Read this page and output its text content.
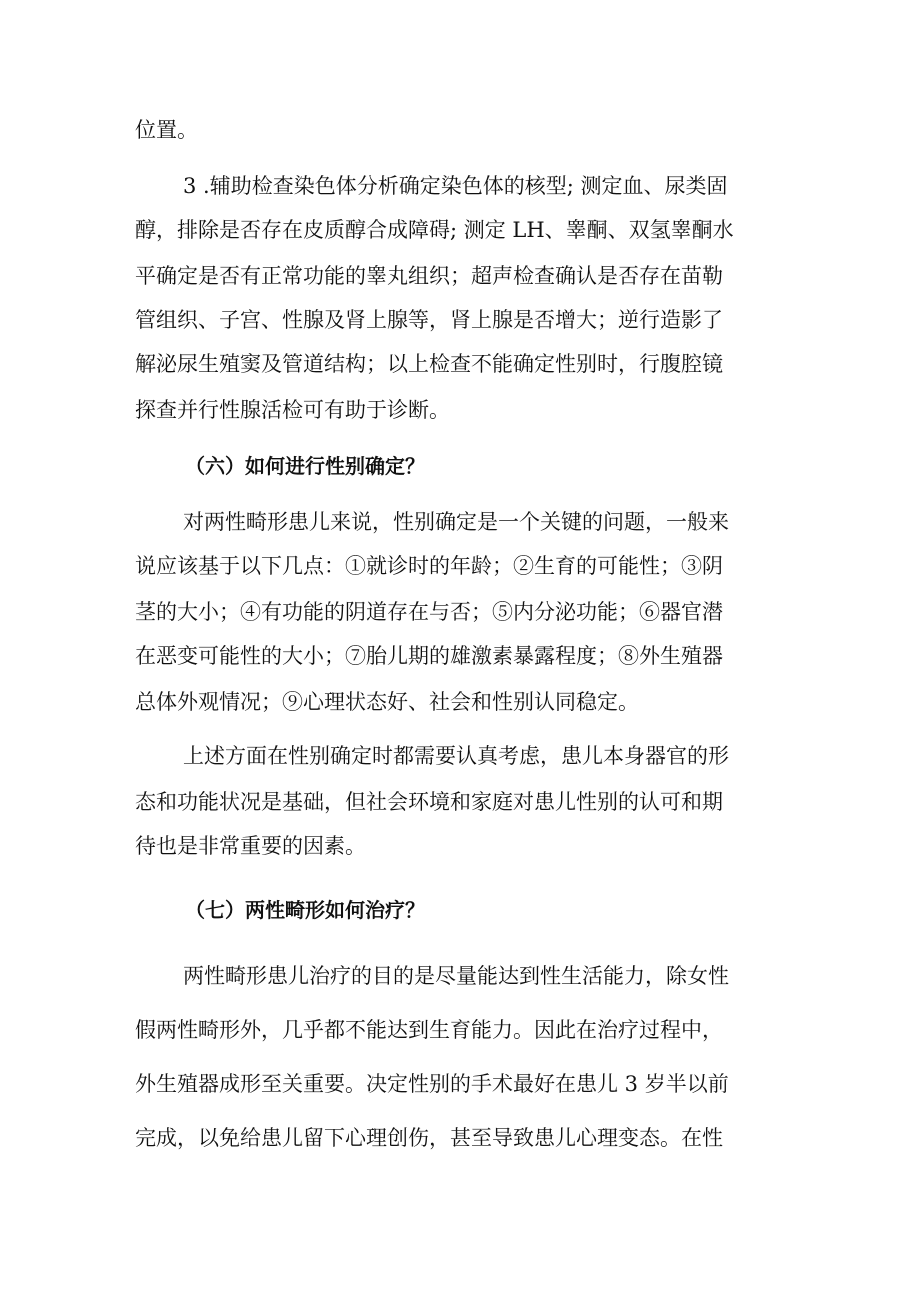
位置。

3 .辅助检查染色体分析确定染色体的核型; 测定血、尿类固

醇，排除是否存在皮质醇合成障碍; 测定 LH、睾酮、双氢睾酮水

平确定是否有正常功能的睾丸组织；超声检查确认是否存在苗勒

管组织、子宫、性腺及肾上腺等，肾上腺是否增大；逆行造影了

解泌尿生殖窦及管道结构；以上检查不能确定性别时，行腹腔镜

探查并行性腺活检可有助于诊断。

（六）如何进行性别确定？

对两性畸形患儿来说，性别确定是一个关键的问题，一般来

说应该基于以下几点：①就诊时的年龄；②生育的可能性；③阴

茎的大小；④有功能的阴道存在与否；⑤内分泌功能；⑥器官潜

在恶变可能性的大小；⑦胎儿期的雄激素暴露程度；⑧外生殖器

总体外观情况；⑨心理状态好、社会和性别认同稳定。

上述方面在性别确定时都需要认真考虑，患儿本身器官的形

态和功能状况是基础，但社会环境和家庭对患儿性别的认可和期

待也是非常重要的因素。

（七）两性畸形如何治疗？

两性畸形患儿治疗的目的是尽量能达到性生活能力，除女性

假两性畸形外，几乎都不能达到生育能力。因此在治疗过程中，

外生殖器成形至关重要。决定性别的手术最好在患儿 3 岁半以前

完成，以免给患儿留下心理创伤，甚至导致患儿心理变态。在性
